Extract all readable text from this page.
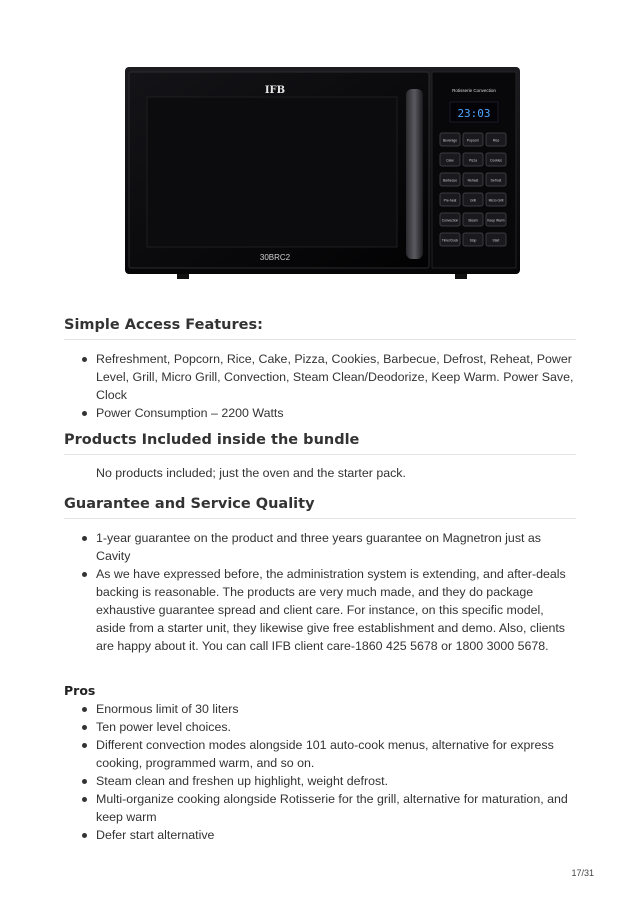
IFB
30BRC2
Rotisserie Convection
23:03
Beverage	Popcorn	Rice
Cake	Pizza	Cookies
Barbecue	Reheat	Defrost
Pre-heat	Grill	Micro Grill
Convection	Steam	Keep Warm
Time/Clock	Stop	Start
Simple Access Features:
Refreshment, Popcorn, Rice, Cake, Pizza, Cookies, Barbecue, Defrost, Reheat, Power Level, Grill, Micro Grill, Convection, Steam Clean/Deodorize, Keep Warm. Power Save, Clock
Power Consumption – 2200 Watts
Products Included inside the bundle

No products included; just the oven and the starter pack.

Guarantee and Service Quality
1-year guarantee on the product and three years guarantee on Magnetron just as Cavity
As we have expressed before, the administration system is extending, and after-deals backing is reasonable. The products are very much made, and they do package exhaustive guarantee spread and client care. For instance, on this specific model, aside from a starter unit, they likewise give free establishment and demo. Also, clients are happy about it. You can call IFB client care-1860 425 5678 or 1800 3000 5678.
Pros
Enormous limit of 30 liters
Ten power level choices.
Different convection modes alongside 101 auto-cook menus, alternative for express cooking, programmed warm, and so on.
Steam clean and freshen up highlight, weight defrost.
Multi-organize cooking alongside Rotisserie for the grill, alternative for maturation, and keep warm
Defer start alternative
17/31
